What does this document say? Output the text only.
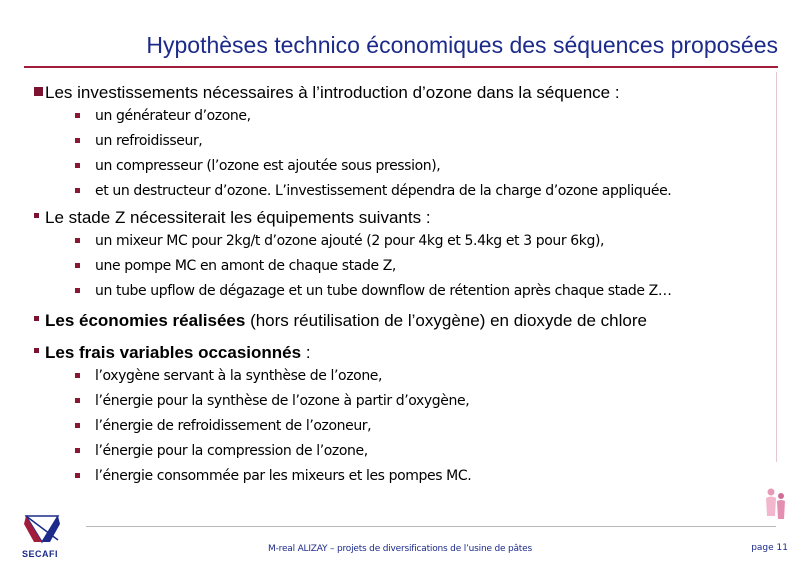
Hypothèses technico économiques des séquences proposées
Les investissements nécessaires à l’introduction d’ozone dans la séquence :
un générateur d’ozone,
un refroidisseur,
un compresseur (l’ozone est ajoutée sous pression),
et un destructeur d’ozone. L’investissement dépendra de la charge d’ozone appliquée.
Le stade Z nécessiterait les équipements suivants :
un mixeur MC pour 2kg/t d’ozone ajouté (2 pour 4kg et 5.4kg et 3 pour 6kg),
une pompe MC en amont de chaque stade Z,
un tube upflow de dégazage et un tube downflow de rétention après chaque stade Z…
Les économies réalisées (hors réutilisation de l’oxygène) en dioxyde de chlore
Les frais variables occasionnés :
l’oxygène servant à la synthèse de l’ozone,
l’énergie pour la synthèse de l’ozone à partir d’oxygène,
l’énergie de refroidissement de l’ozoneur,
l’énergie pour la compression de l’ozone,
l’énergie consommée par les mixeurs et les pompes MC.
SECAFI	M-real ALIZAY – projets de diversifications de l’usine de pâtes	page 11
